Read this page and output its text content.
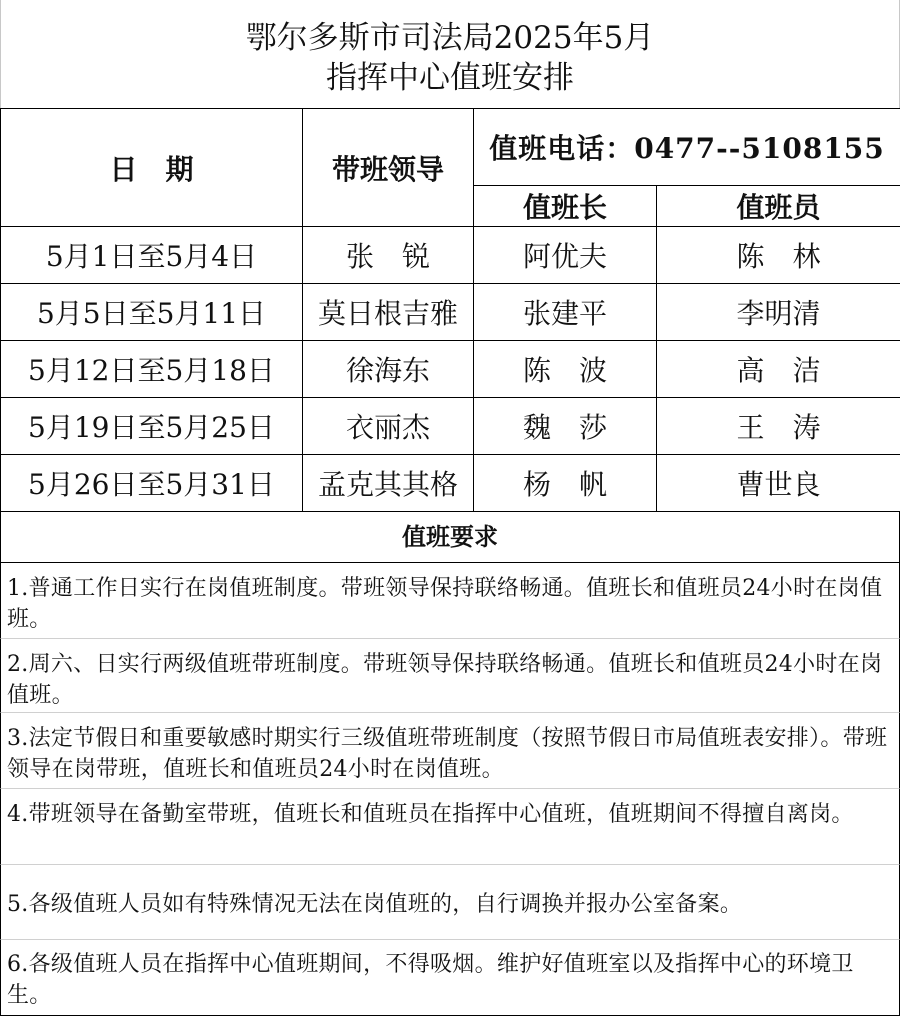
鄂尔多斯市司法局2025年5月
指挥中心值班安排
日　期	带班领导	值班电话：0477--5108155	
		值班长	值班员
5月1日至5月4日	张　锐	阿优夫	陈　林
5月5日至5月11日	莫日根吉雅	张建平	李明清
5月12日至5月18日	徐海东	陈　波	高　洁
5月19日至5月25日	衣丽杰	魏　莎	王　涛
5月26日至5月31日	孟克其其格	杨　帆	曹世良
值班要求
1.普通工作日实行在岗值班制度。带班领导保持联络畅通。值班长和值班员24小时在岗值班。
2.周六、日实行两级值班带班制度。带班领导保持联络畅通。值班长和值班员24小时在岗值班。
3.法定节假日和重要敏感时期实行三级值班带班制度（按照节假日市局值班表安排）。带班领导在岗带班，值班长和值班员24小时在岗值班。
4.带班领导在备勤室带班，值班长和值班员在指挥中心值班，值班期间不得擅自离岗。
5.各级值班人员如有特殊情况无法在岗值班的，自行调换并报办公室备案。
6.各级值班人员在指挥中心值班期间，不得吸烟。维护好值班室以及指挥中心的环境卫生。
